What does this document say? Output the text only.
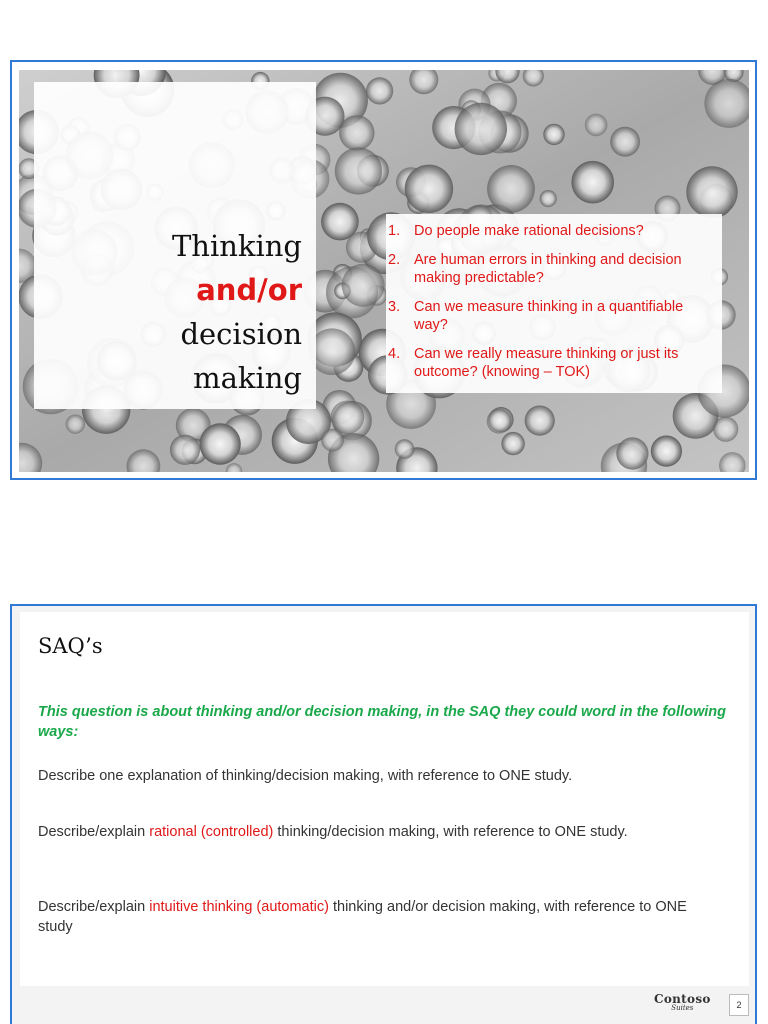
Thinking
and/or
decision
making
1. Do people make rational decisions?
2. Are human errors in thinking and decision making predictable?
3. Can we measure thinking in a quantifiable way?
4. Can we really measure thinking or just its outcome? (knowing – TOK)
SAQ’s
This question is about thinking and/or decision making, in the SAQ they could word in the following ways:
Describe one explanation of thinking/decision making, with reference to ONE study.
Describe/explain rational (controlled) thinking/decision making, with reference to ONE study.
Describe/explain intuitive thinking (automatic) thinking and/or decision making, with reference to ONE study
Contoso
Suites	2
